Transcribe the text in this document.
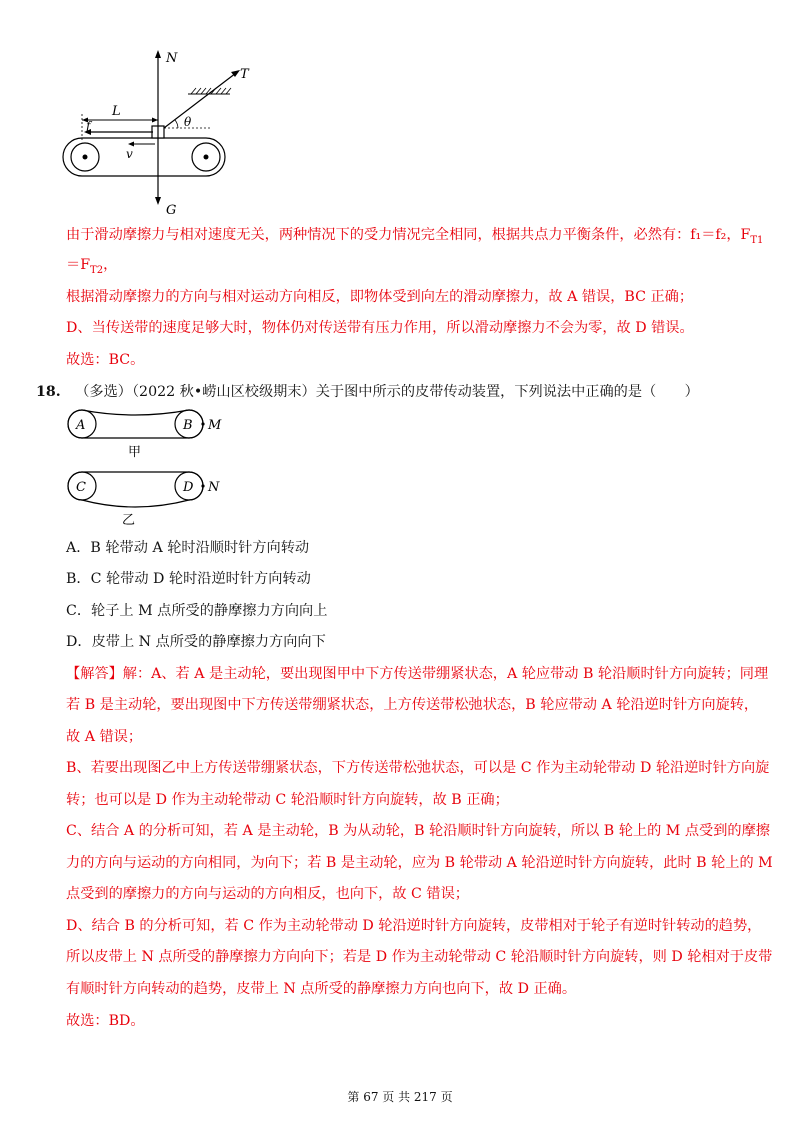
N
T
L
f	θ
v
G
由于滑动摩擦力与相对速度无关，两种情况下的受力情况完全相同，根据共点力平衡条件，必然有：f₁＝f₂，$F_{T1}$
$=F_{T2}$，
根据滑动摩擦力的方向与相对运动方向相反，即物体受到向左的滑动摩擦力，故 A 错误，BC 正确；
D、当传送带的速度足够大时，物体仍对传送带有压力作用，所以滑动摩擦力不会为零，故 D 错误。
故选：BC。
18. （多选）（2022 秋•崂山区校级期末）关于图中所示的皮带传动装置，下列说法中正确的是（　　）
A	B M
甲
C	D N
乙
A．B 轮带动 A 轮时沿顺时针方向转动
B．C 轮带动 D 轮时沿逆时针方向转动
C．轮子上 M 点所受的静摩擦力方向向上
D．皮带上 N 点所受的静摩擦力方向向下
【解答】解：A、若 A 是主动轮，要出现图甲中下方传送带绷紧状态，A 轮应带动 B 轮沿顺时针方向旋转；同理
若 B 是主动轮，要出现图中下方传送带绷紧状态，上方传送带松弛状态，B 轮应带动 A 轮沿逆时针方向旋转，
故 A 错误；
B、若要出现图乙中上方传送带绷紧状态，下方传送带松弛状态，可以是 C 作为主动轮带动 D 轮沿逆时针方向旋
转；也可以是 D 作为主动轮带动 C 轮沿顺时针方向旋转，故 B 正确；
C、结合 A 的分析可知，若 A 是主动轮，B 为从动轮，B 轮沿顺时针方向旋转，所以 B 轮上的 M 点受到的摩擦
力的方向与运动的方向相同，为向下；若 B 是主动轮，应为 B 轮带动 A 轮沿逆时针方向旋转，此时 B 轮上的 M
点受到的摩擦力的方向与运动的方向相反，也向下，故 C 错误；
D、结合 B 的分析可知，若 C 作为主动轮带动 D 轮沿逆时针方向旋转，皮带相对于轮子有逆时针转动的趋势，
所以皮带上 N 点所受的静摩擦力方向向下；若是 D 作为主动轮带动 C 轮沿顺时针方向旋转，则 D 轮相对于皮带
有顺时针方向转动的趋势，皮带上 N 点所受的静摩擦力方向也向下，故 D 正确。
故选：BD。
第 67 页 共 217 页
